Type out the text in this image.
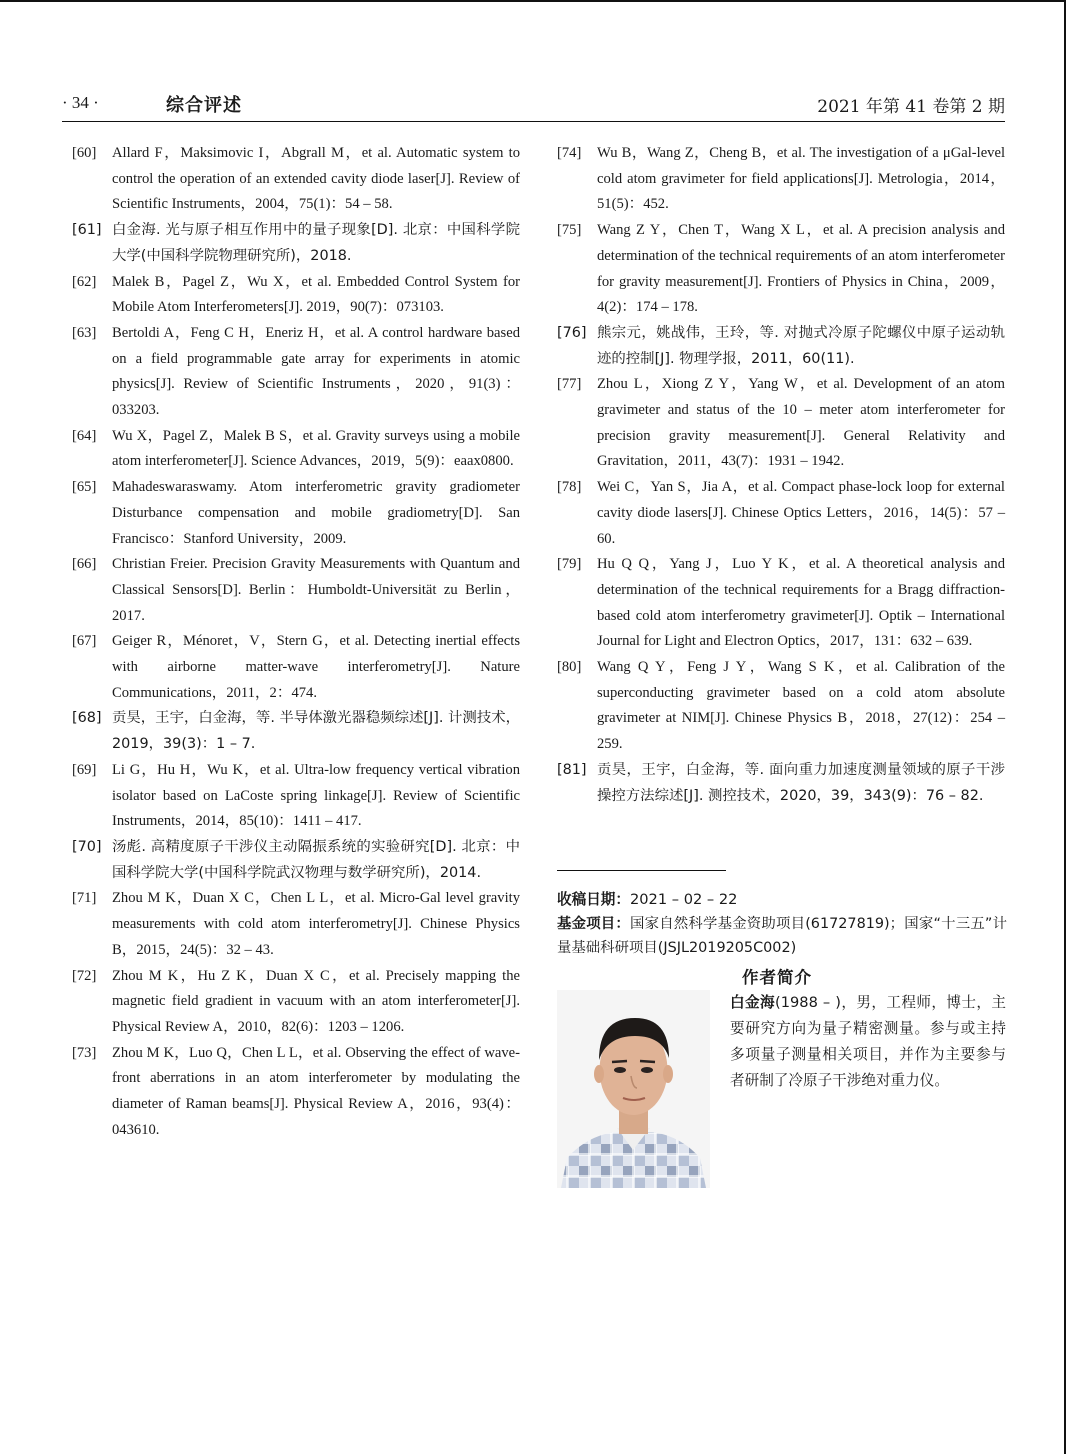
· 34 ·	综合评述	2021 年第 41 卷第 2 期

[60] Allard F，Maksimovic I，Abgrall M，et al. Automatic system to control the operation of an extended cavity diode laser[J]. Review of Scientific Instruments，2004，75(1)：54 – 58.

[61] 白金海. 光与原子相互作用中的量子现象[D]. 北京：中国科学院大学(中国科学院物理研究所)，2018.

[62] Malek B，Pagel Z，Wu X，et al. Embedded Control System for Mobile Atom Interferometers[J]. 2019，90(7)：073103.

[63] Bertoldi A，Feng C H，Eneriz H，et al. A control hardware based on a field programmable gate array for experiments in atomic physics[J]. Review of Scientific Instruments，2020，91(3)：033203.

[64] Wu X，Pagel Z，Malek B S，et al. Gravity surveys using a mobile atom interferometer[J]. Science Advances，2019，5(9)：eaax0800.

[65] Mahadeswaraswamy. Atom interferometric gravity gradiometer Disturbance compensation and mobile gradiometry[D]. San Francisco：Stanford University，2009.

[66] Christian Freier. Precision Gravity Measurements with Quantum and Classical Sensors[D]. Berlin：Humboldt-Universität zu Berlin，2017.

[67] Geiger R，Ménoret，V，Stern G，et al. Detecting inertial effects with airborne matter-wave interferometry[J]. Nature Communications，2011，2：474.

[68] 贡昊，王宇，白金海，等. 半导体激光器稳频综述[J]. 计测技术，2019，39(3)：1 – 7.

[69] Li G，Hu H，Wu K，et al. Ultra-low frequency vertical vibration isolator based on LaCoste spring linkage[J]. Review of Scientific Instruments，2014，85(10)：1411 – 417.

[70] 汤彪. 高精度原子干涉仪主动隔振系统的实验研究[D]. 北京：中国科学院大学(中国科学院武汉物理与数学研究所)，2014.

[71] Zhou M K，Duan X C，Chen L L，et al. Micro-Gal level gravity measurements with cold atom interferometry[J]. Chinese Physics B，2015，24(5)：32 – 43.

[72] Zhou M K，Hu Z K，Duan X C，et al. Precisely mapping the magnetic field gradient in vacuum with an atom interferometer[J]. Physical Review A，2010，82(6)：1203 – 1206.

[73] Zhou M K，Luo Q，Chen L L，et al. Observing the effect of wave-front aberrations in an atom interferometer by modulating the diameter of Raman beams[J]. Physical Review A，2016，93(4)：043610.

[74] Wu B，Wang Z，Cheng B，et al. The investigation of a μGal-level cold atom gravimeter for field applications[J]. Metrologia，2014，51(5)：452.

[75] Wang Z Y，Chen T，Wang X L，et al. A precision analysis and determination of the technical requirements of an atom interferometer for gravity measurement[J]. Frontiers of Physics in China，2009，4(2)：174 – 178.

[76] 熊宗元，姚战伟，王玲，等. 对抛式冷原子陀螺仪中原子运动轨迹的控制[J]. 物理学报，2011，60(11).

[77] Zhou L，Xiong Z Y，Yang W，et al. Development of an atom gravimeter and status of the 10 – meter atom interferometer for precision gravity measurement[J]. General Relativity and Gravitation，2011，43(7)：1931 – 1942.

[78] Wei C，Yan S，Jia A，et al. Compact phase-lock loop for external cavity diode lasers[J]. Chinese Optics Letters，2016，14(5)：57 – 60.

[79] Hu Q Q，Yang J，Luo Y K，et al. A theoretical analysis and determination of the technical requirements for a Bragg diffraction-based cold atom interferometry gravimeter[J]. Optik – International Journal for Light and Electron Optics，2017，131：632 – 639.

[80] Wang Q Y，Feng J Y，Wang S K，et al. Calibration of the superconducting gravimeter based on a cold atom absolute gravimeter at NIM[J]. Chinese Physics B，2018，27(12)：254 – 259.

[81] 贡昊，王宇，白金海，等. 面向重力加速度测量领域的原子干涉操控方法综述[J]. 测控技术，2020，39，343(9)：76 – 82.

收稿日期：2021 – 02 – 22
基金项目：国家自然科学基金资助项目(61727819)；国家“十三五”计量基础科研项目(JSJL2019205C002)
作者简介
白金海(1988 – )，男，工程师，博士，主要研究方向为量子精密测量。参与或主持多项量子测量相关项目，并作为主要参与者研制了冷原子干涉绝对重力仪。
